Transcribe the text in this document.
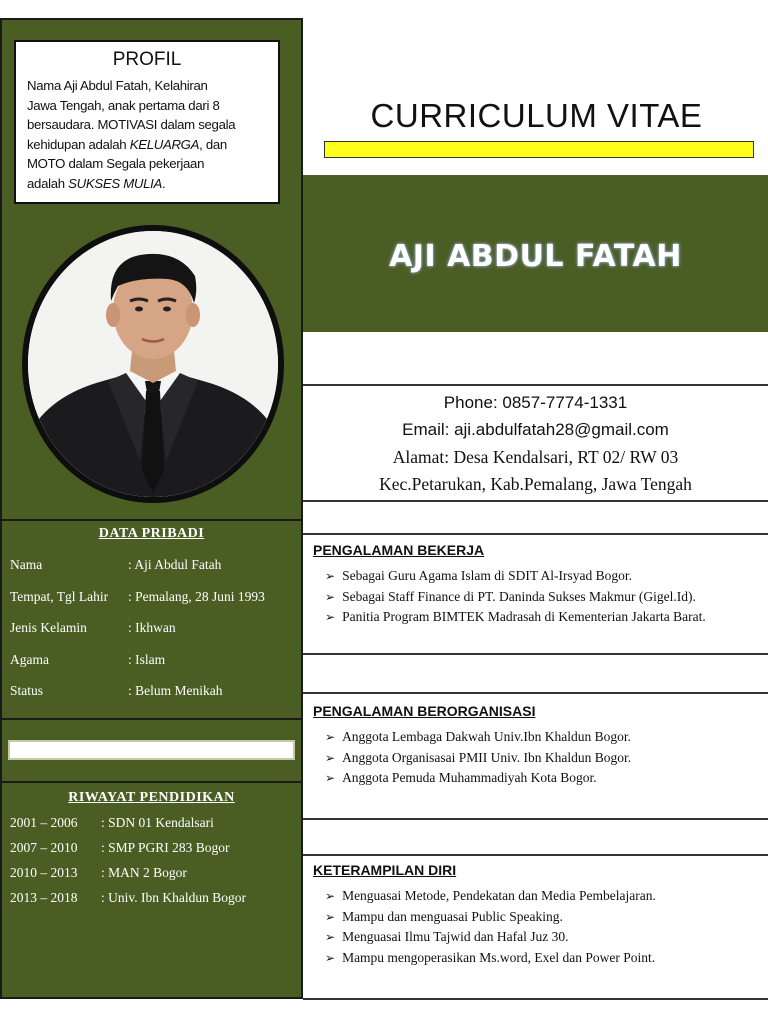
PROFIL
Nama Aji Abdul Fatah, Kelahiran
Jawa Tengah, anak pertama dari 8
bersaudara. MOTIVASI dalam segala
kehidupan adalah KELUARGA, dan
MOTO dalam Segala pekerjaan
adalah SUKSES MULIA.
DATA PRIBADI
Nama	: Aji Abdul Fatah
Tempat, Tgl Lahir : Pemalang, 28 Juni 1993
Jenis Kelamin	: Ikhwan
Agama	: Islam
Status	: Belum Menikah
RIWAYAT PENDIDIKAN
2001 – 2006 : SDN 01 Kendalsari
2007 – 2010 : SMP PGRI 283 Bogor
2010 – 2013 : MAN 2 Bogor
2013 – 2018 : Univ. Ibn Khaldun Bogor
CURRICULUM VITAE
AJI ABDUL FATAH
Phone: 0857-7774-1331
Email: aji.abdulfatah28@gmail.com
Alamat: Desa Kendalsari, RT 02/ RW 03
Kec.Petarukan, Kab.Pemalang, Jawa Tengah
PENGALAMAN BEKERJA
➢ Sebagai Guru Agama Islam di SDIT Al-Irsyad Bogor.
➢ Sebagai Staff Finance di PT. Daninda Sukses Makmur (Gigel.Id).
➢ Panitia Program BIMTEK Madrasah di Kementerian Jakarta Barat.
PENGALAMAN BERORGANISASI
➢ Anggota Lembaga Dakwah Univ.Ibn Khaldun Bogor.
➢ Anggota Organisasai PMII Univ. Ibn Khaldun Bogor.
➢ Anggota Pemuda Muhammadiyah Kota Bogor.
KETERAMPILAN DIRI
➢ Menguasai Metode, Pendekatan dan Media Pembelajaran.
➢ Mampu dan menguasai Public Speaking.
➢ Menguasai Ilmu Tajwid dan Hafal Juz 30.
➢ Mampu mengoperasikan Ms.word, Exel dan Power Point.
